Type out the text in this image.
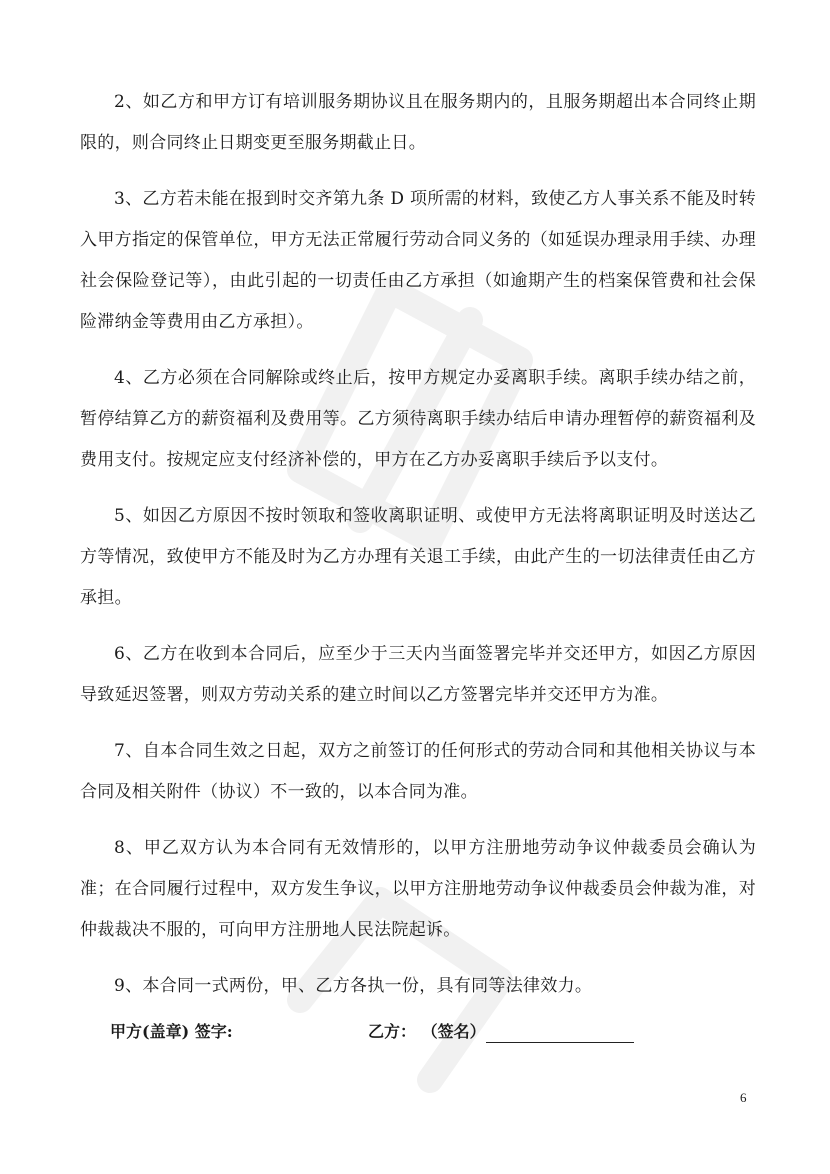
2、如乙方和甲方订有培训服务期协议且在服务期内的，且服务期超出本合同终止期限的，则合同终止日期变更至服务期截止日。

3、乙方若未能在报到时交齐第九条 D 项所需的材料，致使乙方人事关系不能及时转入甲方指定的保管单位，甲方无法正常履行劳动合同义务的（如延误办理录用手续、办理社会保险登记等），由此引起的一切责任由乙方承担（如逾期产生的档案保管费和社会保险滞纳金等费用由乙方承担）。

4、乙方必须在合同解除或终止后，按甲方规定办妥离职手续。离职手续办结之前，暂停结算乙方的薪资福利及费用等。乙方须待离职手续办结后申请办理暂停的薪资福利及费用支付。按规定应支付经济补偿的，甲方在乙方办妥离职手续后予以支付。

5、如因乙方原因不按时领取和签收离职证明、或使甲方无法将离职证明及时送达乙方等情况，致使甲方不能及时为乙方办理有关退工手续，由此产生的一切法律责任由乙方承担。

6、乙方在收到本合同后，应至少于三天内当面签署完毕并交还甲方，如因乙方原因导致延迟签署，则双方劳动关系的建立时间以乙方签署完毕并交还甲方为准。

7、自本合同生效之日起，双方之前签订的任何形式的劳动合同和其他相关协议与本合同及相关附件（协议）不一致的，以本合同为准。

8、甲乙双方认为本合同有无效情形的，以甲方注册地劳动争议仲裁委员会确认为准；在合同履行过程中，双方发生争议，以甲方注册地劳动争议仲裁委员会仲裁为准，对仲裁裁决不服的，可向甲方注册地人民法院起诉。

9、本合同一式两份，甲、乙方各执一份，具有同等法律效力。

甲方(盖章) 签字:	乙方： （签名）
6
